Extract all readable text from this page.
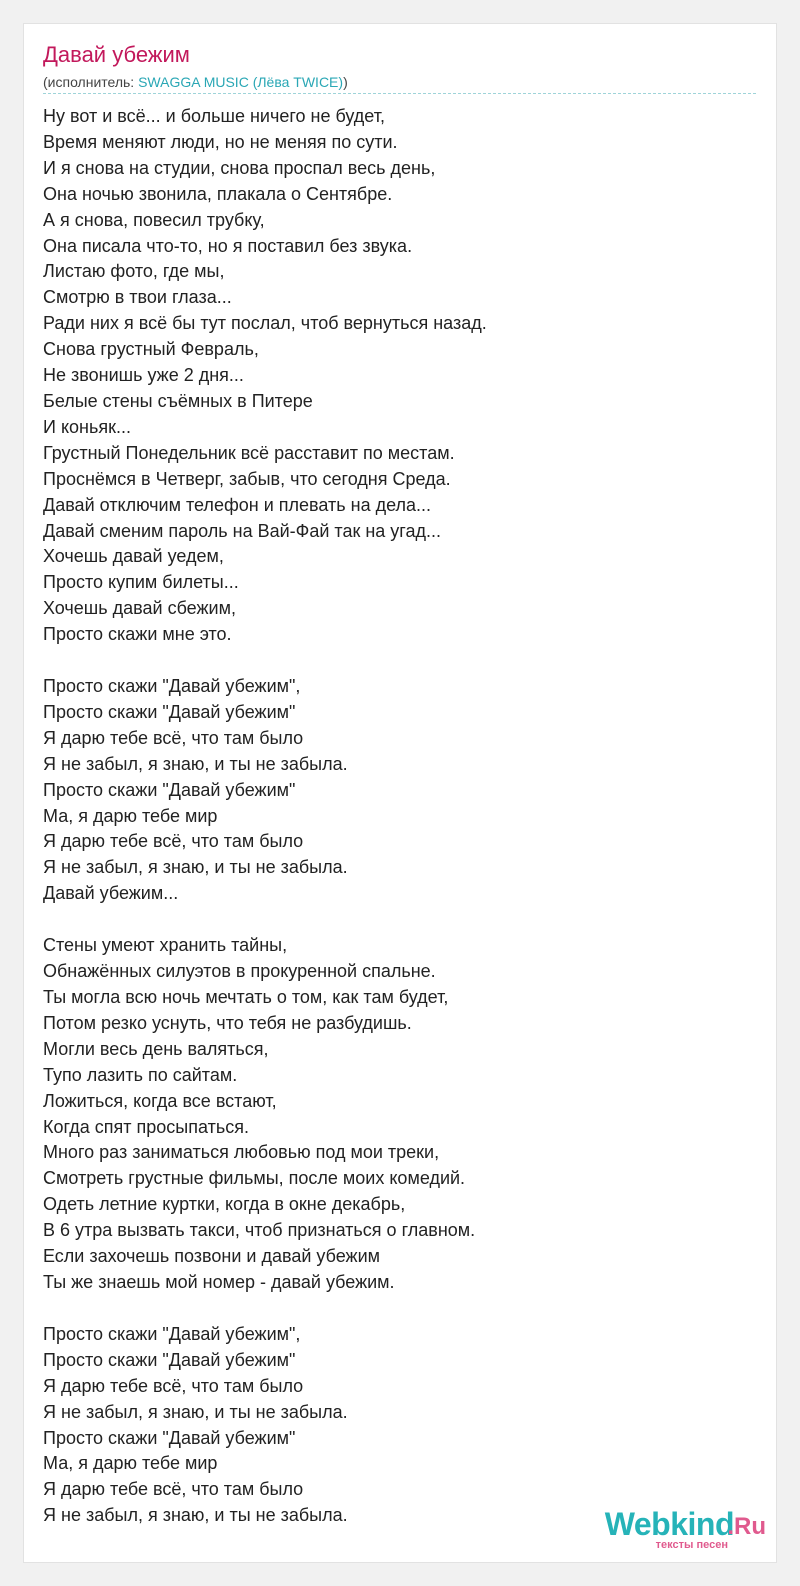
Давай убежим
(исполнитель: SWAGGA MUSIC (Лёва TWICE))
Ну вот и всё... и больше ничего не будет,
Время меняют люди, но не меняя по сути.
И я снова на студии, снова проспал весь день,
Она ночью звонила, плакала о Сентябре.
А я снова, повесил трубку,
Она писала что-то, но я поставил без звука.
Листаю фото, где мы,
Смотрю в твои глаза...
Ради них я всё бы тут послал, чтоб вернуться назад.
Снова грустный Февраль,
Не звонишь уже 2 дня...
Белые стены съёмных в Питере
И коньяк...
Грустный Понедельник всё расставит по местам.
Проснёмся в Четверг, забыв, что сегодня Среда.
Давай отключим телефон и плевать на дела...
Давай сменим пароль на Вай-Фай так на угад...
Хочешь давай уедем,
Просто купим билеты...
Хочешь давай сбежим,
Просто скажи мне это.
Просто скажи "Давай убежим",
Просто скажи "Давай убежим"
Я дарю тебе всё, что там было
Я не забыл, я знаю, и ты не забыла.
Просто скажи "Давай убежим"
Ма, я дарю тебе мир
Я дарю тебе всё, что там было
Я не забыл, я знаю, и ты не забыла.
Давай убежим...
Стены умеют хранить тайны,
Обнажённых силуэтов в прокуренной спальне.
Ты могла всю ночь мечтать о том, как там будет,
Потом резко уснуть, что тебя не разбудишь.
Могли весь день валяться,
Тупо лазить по сайтам.
Ложиться, когда все встают,
Когда спят просыпаться.
Много раз заниматься любовью под мои треки,
Смотреть грустные фильмы, после моих комедий.
Одеть летние куртки, когда в окне декабрь,
В 6 утра вызвать такси, чтоб признаться о главном.
Если захочешь позвони и давай убежим
Ты же знаешь мой номер - давай убежим.
Просто скажи "Давай убежим",
Просто скажи "Давай убежим"
Я дарю тебе всё, что там было
Я не забыл, я знаю, и ты не забыла.
Просто скажи "Давай убежим"
Ма, я дарю тебе мир
Я дарю тебе всё, что там было
Я не забыл, я знаю, и ты не забыла.	Webkind
.Ru
тексты песен
